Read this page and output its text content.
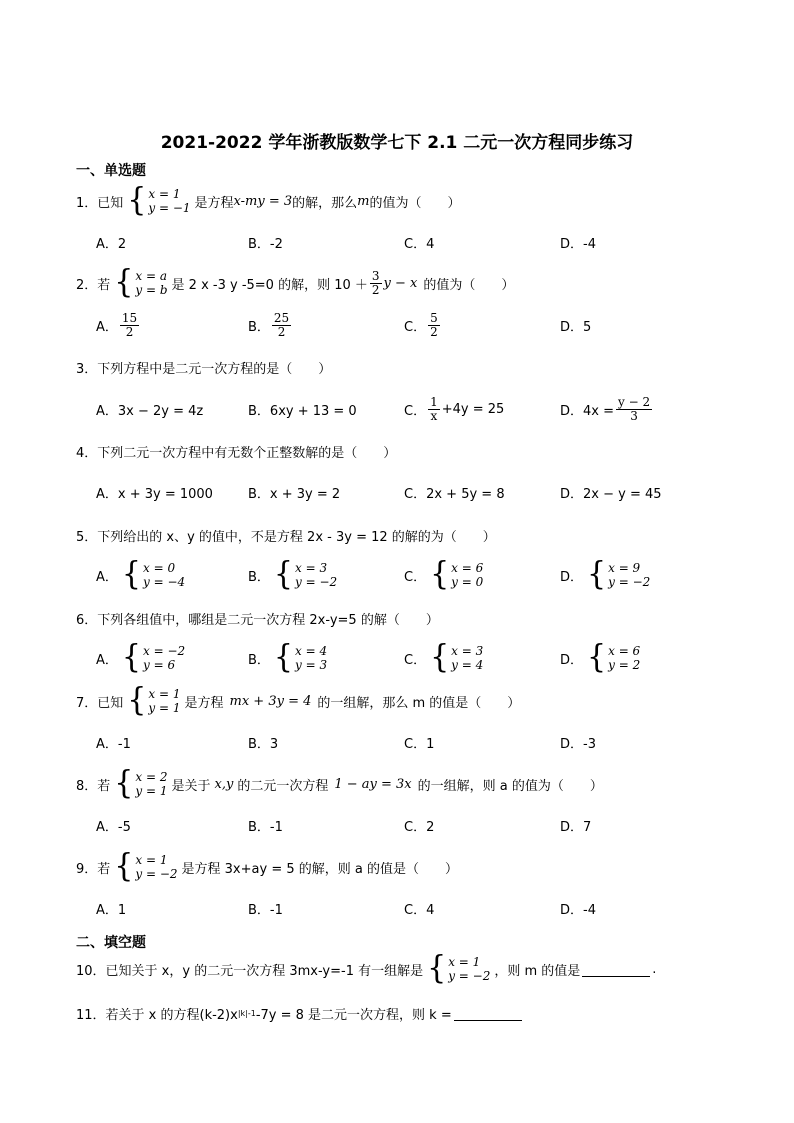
2021-2022 学年浙教版数学七下 2.1 二元一次方程同步练习
一、单选题
1．已知 { x = 1
y = −1 是方程 x-my = 3 的解，那么 m 的值为（　　）
A．2	B．-2	C．4	D．-4
2．若 { x = a
y = b 是 2 x -3 y -5=0 的解，则 $10 + \frac{3}{2}$ y − x 的值为（　　）
A． $\frac{15}{2}$	B． $\frac{25}{2}$	C． $\frac{5}{2}$	D．5
3．下列方程中是二元一次方程的是（　　）
A．3x − 2y = 4z	B．6xy + 13 = 0	C． $\frac{1}{x} +4y = 25$	D．$4x = \frac{y - 2}{3}$
4．下列二元一次方程中有无数个正整数解的是（　　）
A．x + 3y = 1000	B．x + 3y = 2	C．2x + 5y = 8	D．2x − y = 45
5．下列给出的 x、y 的值中，不是方程 2x - 3y = 12 的解的为（　　）
A． { x = 0
y = −4	B． { x = 3
y = −2	C． { x = 6
y = 0	D． { x = 9
y = −2
6．下列各组值中，哪组是二元一次方程 2x-y=5 的解（　　）
A． { x = −2
y = 6	B． { x = 4
y = 3	C． { x = 3
y = 4	D． { x = 6
y = 2
7．已知 { x = 1
y = 1 是方程 mx + 3y = 4 的一组解，那么 m 的值是（　　）
A．-1	B．3	C．1	D．-3
8．若 { x = 2
y = 1 是关于 x,y 的二元一次方程 1 − ay = 3x 的一组解，则 a 的值为（　　）
A．-5	B．-1	C．2	D．7
9．若 { x = 1
y = −2 是方程 3x+ay = 5 的解，则 a 的值是（　　）
A．1	B．-1	C．4	D．-4
二、填空题
10．已知关于 x，y 的二元一次方程 3mx-y=-1 有一组解是 { x = 1
y = −2 ，则 m 的值是	.
11．若关于 x 的方程(k-2)x |k|-1 -7y = 8 是二元一次方程，则 k =
